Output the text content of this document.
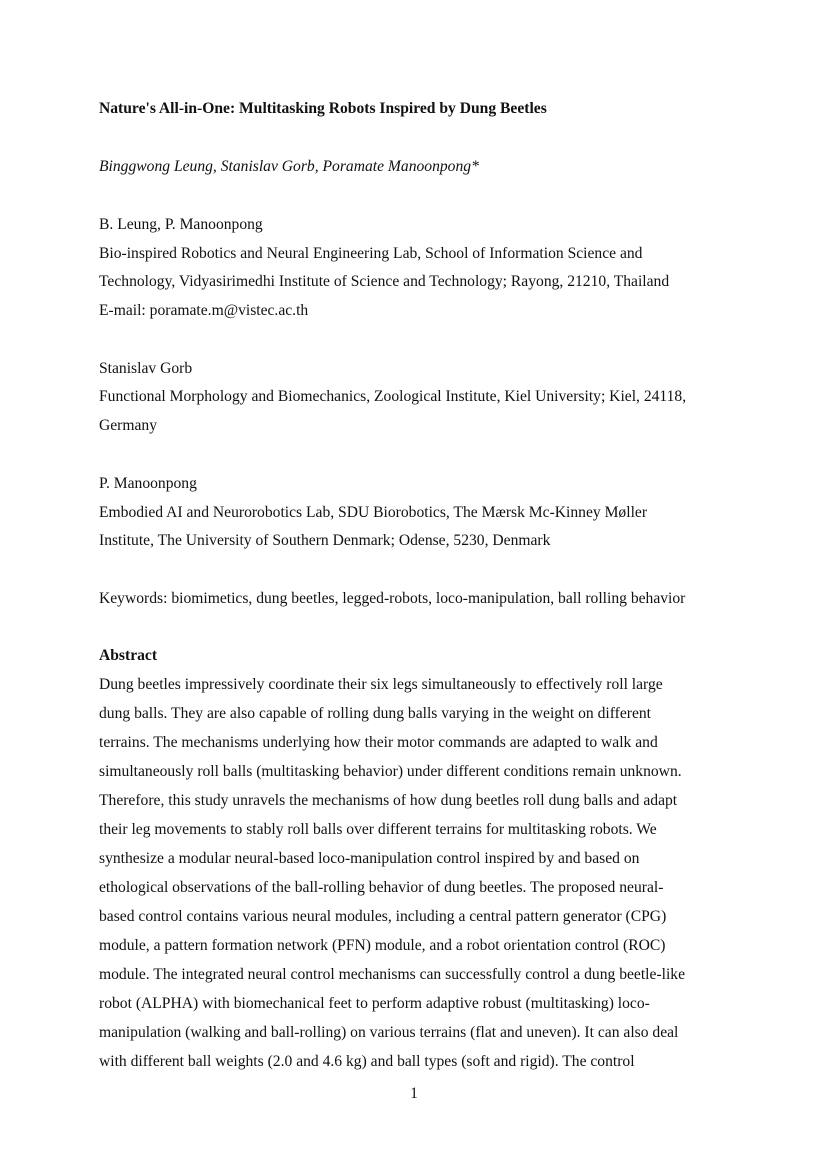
Nature's All-in-One: Multitasking Robots Inspired by Dung Beetles
Binggwong Leung, Stanislav Gorb, Poramate Manoonpong*
B. Leung, P. Manoonpong
Bio-inspired Robotics and Neural Engineering Lab, School of Information Science and
Technology, Vidyasirimedhi Institute of Science and Technology; Rayong, 21210, Thailand
E-mail: poramate.m@vistec.ac.th
Stanislav Gorb
Functional Morphology and Biomechanics, Zoological Institute, Kiel University; Kiel, 24118,
Germany
P. Manoonpong
Embodied AI and Neurorobotics Lab, SDU Biorobotics, The Mærsk Mc-Kinney Møller
Institute, The University of Southern Denmark; Odense, 5230, Denmark
Keywords: biomimetics, dung beetles, legged-robots, loco-manipulation, ball rolling behavior
Abstract
Dung beetles impressively coordinate their six legs simultaneously to effectively roll large
dung balls. They are also capable of rolling dung balls varying in the weight on different
terrains. The mechanisms underlying how their motor commands are adapted to walk and
simultaneously roll balls (multitasking behavior) under different conditions remain unknown.
Therefore, this study unravels the mechanisms of how dung beetles roll dung balls and adapt
their leg movements to stably roll balls over different terrains for multitasking robots. We
synthesize a modular neural-based loco-manipulation control inspired by and based on
ethological observations of the ball-rolling behavior of dung beetles. The proposed neural-
based control contains various neural modules, including a central pattern generator (CPG)
module, a pattern formation network (PFN) module, and a robot orientation control (ROC)
module. The integrated neural control mechanisms can successfully control a dung beetle-like
robot (ALPHA) with biomechanical feet to perform adaptive robust (multitasking) loco-
manipulation (walking and ball-rolling) on various terrains (flat and uneven). It can also deal
with different ball weights (2.0 and 4.6 kg) and ball types (soft and rigid). The control
1
